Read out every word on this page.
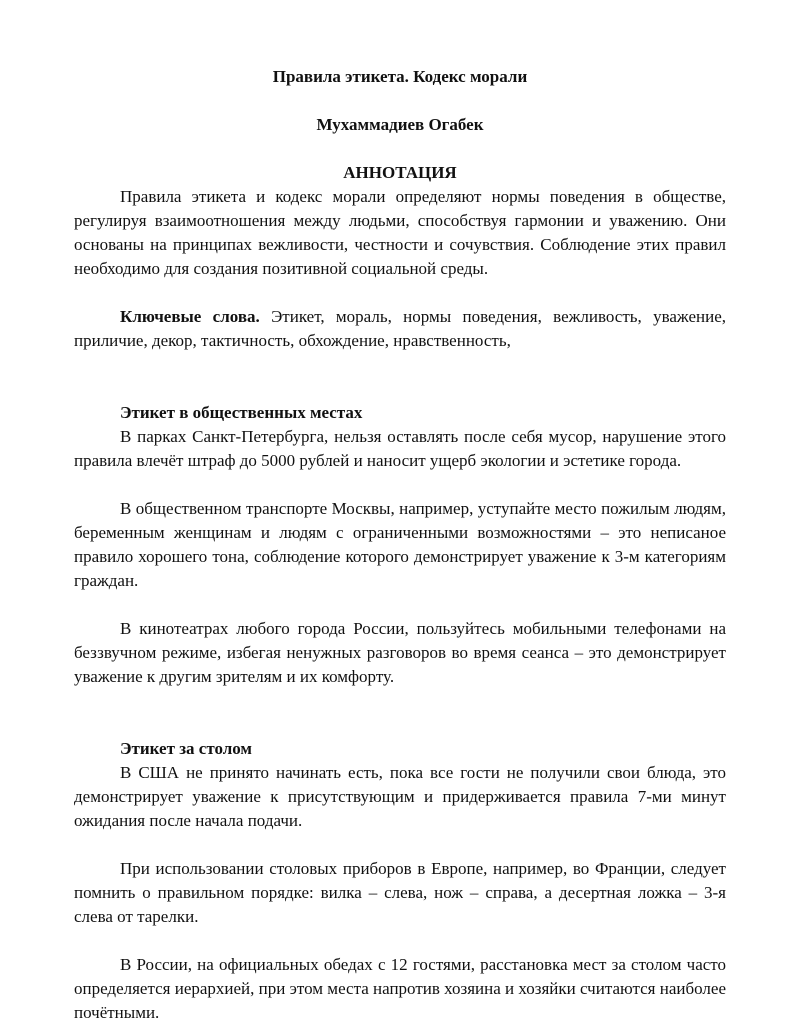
Правила этикета. Кодекс морали

Мухаммадиев Огабек

АННОТАЦИЯ

Правила этикета и кодекс морали определяют нормы поведения в обществе, регулируя взаимоотношения между людьми, способствуя гармонии и уважению. Они основаны на принципах вежливости, честности и сочувствия. Соблюдение этих правил необходимо для создания позитивной социальной среды.

Ключевые слова. Этикет, мораль, нормы поведения, вежливость, уважение, приличие, декор, тактичность, обхождение, нравственность,

Этикет в общественных местах

В парках Санкт-Петербурга, нельзя оставлять после себя мусор, нарушение этого правила влечёт штраф до 5000 рублей и наносит ущерб экологии и эстетике города.

В общественном транспорте Москвы, например, уступайте место пожилым людям, беременным женщинам и людям с ограниченными возможностями – это неписаное правило хорошего тона, соблюдение которого демонстрирует уважение к 3-м категориям граждан.

В кинотеатрах любого города России, пользуйтесь мобильными телефонами на беззвучном режиме, избегая ненужных разговоров во время сеанса – это демонстрирует уважение к другим зрителям и их комфорту.

Этикет за столом

В США не принято начинать есть, пока все гости не получили свои блюда, это демонстрирует уважение к присутствующим и придерживается правила 7-ми минут ожидания после начала подачи.

При использовании столовых приборов в Европе, например, во Франции, следует помнить о правильном порядке: вилка – слева, нож – справа, а десертная ложка – 3-я слева от тарелки.

В России, на официальных обедах с 12 гостями, расстановка мест за столом часто определяется иерархией, при этом места напротив хозяина и хозяйки считаются наиболее почётными.
